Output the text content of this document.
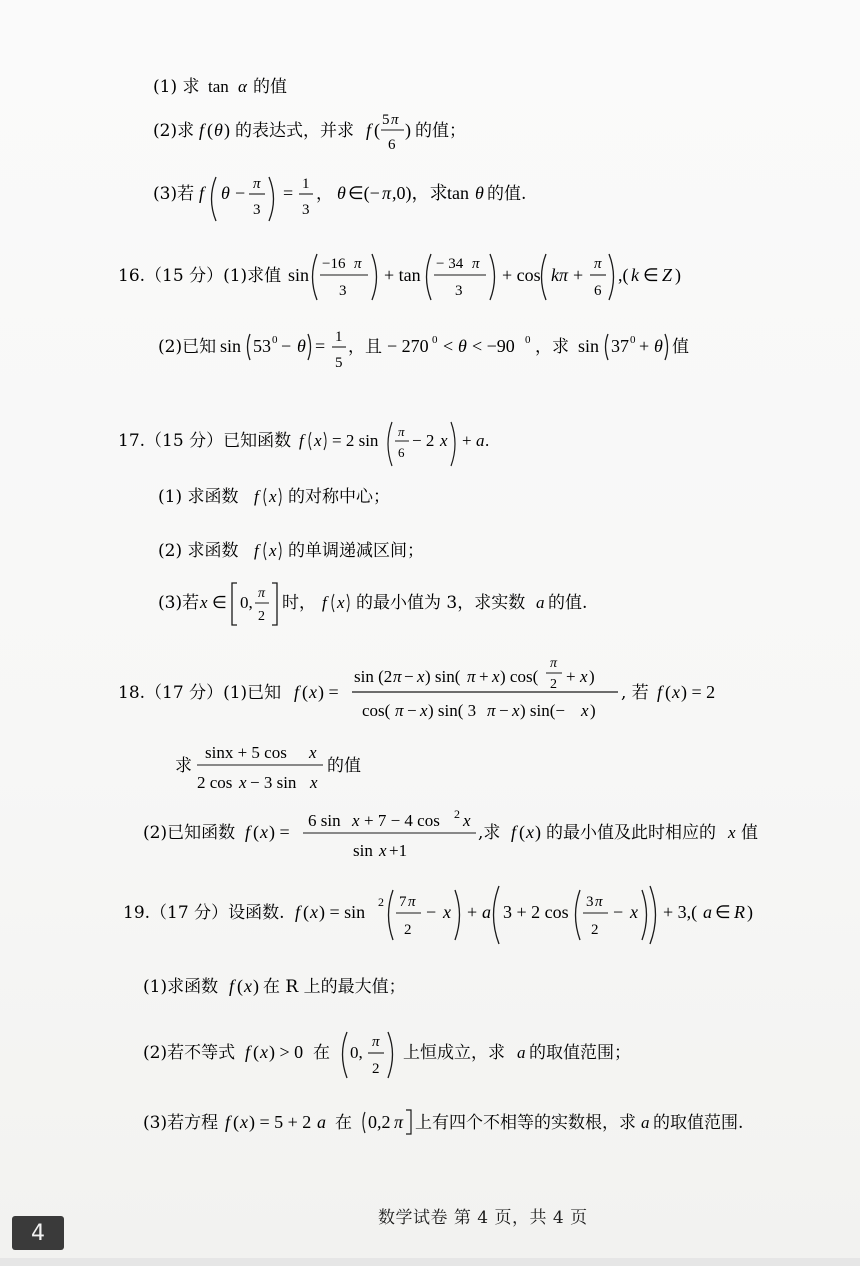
(1) 求 tan α 的值
(2)求 f ( θ ) 的表达式，并求 f ( 5 π
6
) 的值；
(3)若 f θ − π
3
= 1
3
， θ ∈(− π ,0)，求 tan θ 的值.
16.（15 分）(1)求值 sin
−16 π
3
+ tan
− 34 π
3
+ cos kπ +
π
6
,( k ∈ Z )
(2)已知 sin 53 0 − θ = 1
5
，且 − 270 0 < θ < −90 0 ，求 sin 37 0 + θ 值
17.（15 分）已知函数 f x = 2 sin π
6
− 2 x + a .
(1) 求函数 f x 的对称中心；
(2) 求函数 f x 的单调递减区间；
(3)若 x ∈ 0, π
2
时， f x 的最小值为 3，求实数 a 的值.
18.（17 分）(1)已知 f ( x ) =
sin (2 π − x ) sin( π + x ) cos(
π
2 + x )
cos( π − x ) sin( 3 π − x ) sin(− x )
, 若 f ( x ) = 2
求
sinx + 5 cos x
2 cos x − 3 sin x
的值
(2)已知函数 f ( x ) =
6 sin x + 7 − 4 cos 2 x
sin x +1
,求 f ( x ) 的最小值及此时相应的 x 值
19.（17 分）设函数. f ( x ) = sin 2 7 π
2
− x + a 3 + 2 cos 3 π
2
− x + 3,( a ∈ R )
(1)求函数 f ( x ) 在 R 上的最大值；
(2)若不等式 f ( x ) > 0 在 0,
π
2
上恒成立，求 a 的取值范围；
(3)若方程 f ( x ) = 5 + 2 a 在 0,2 π 上有四个不相等的实数根，求 a 的取值范围.
数学试卷 第 4 页，共 4 页
4
